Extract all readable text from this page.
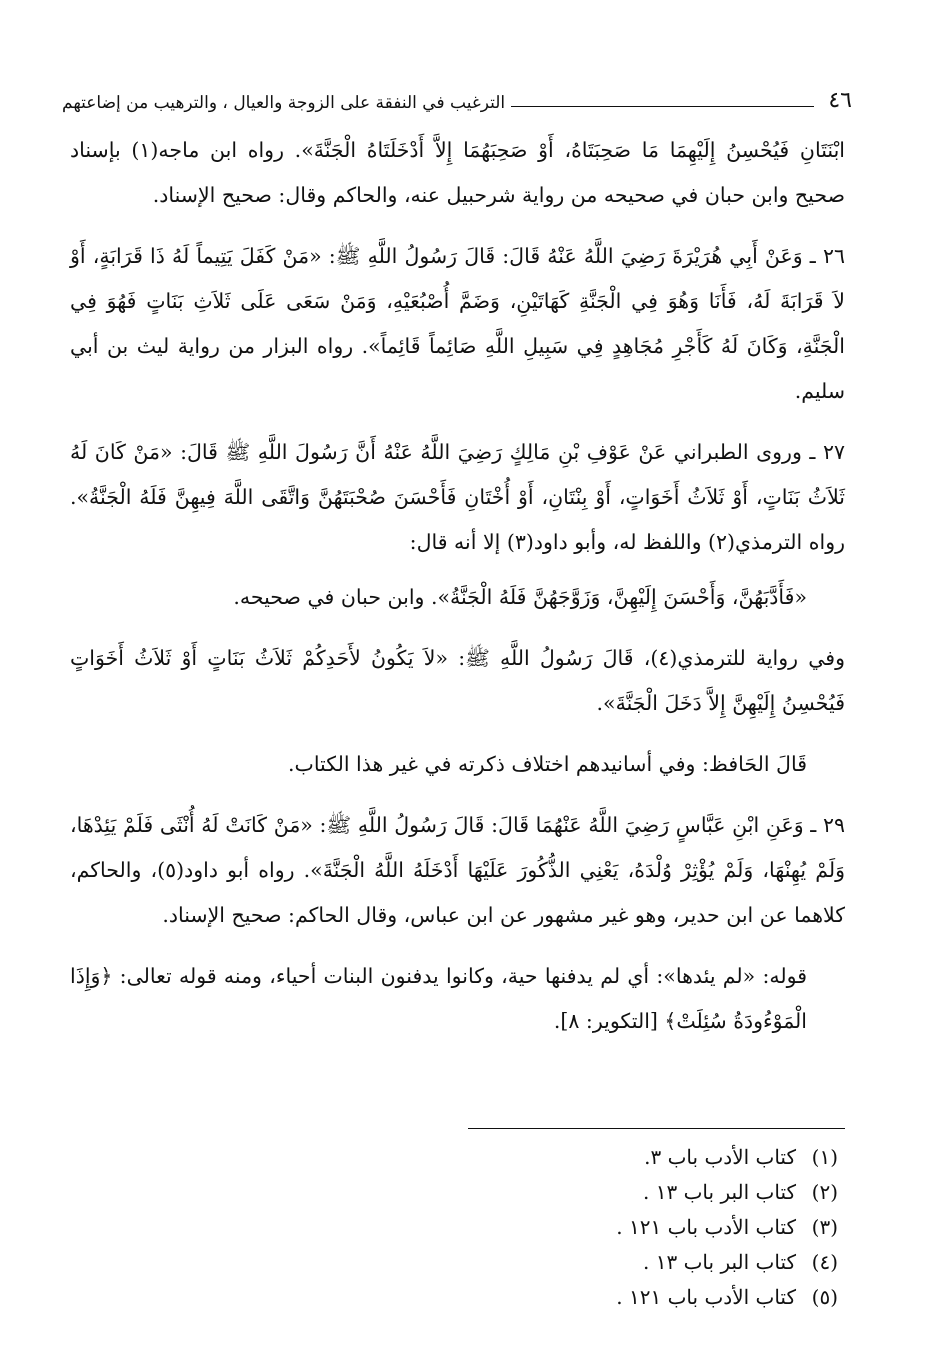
٤٦
الترغيب في النفقة على الزوجة والعيال ، والترهيب من إضاعتهم

ابْنَتَانِ فَيُحْسِنُ إِلَيْهِمَا مَا صَحِبَتَاهُ، أَوْ صَحِبَهُمَا إِلاَّ أَدْخَلَتَاهُ الْجَنَّةَ». رواه ابن ماجه(١) بإسناد صحيح وابن حبان في صحيحه من رواية شرحبيل عنه، والحاكم وقال: صحيح الإسناد.

٢٦ ـ وَعَنْ أَبِي هُرَيْرَةَ رَضِيَ اللَّهُ عَنْهُ قَالَ: قَالَ رَسُولُ اللَّهِ ﷺ: «مَنْ كَفَلَ يَتِيماً لَهُ ذَا قَرَابَةٍ، أَوْ لاَ قَرَابَةَ لَهُ، فَأَنَا وَهُوَ فِي الْجَنَّةِ كَهَاتَيْنِ، وَضَمَّ أُصْبُعَيْهِ، وَمَنْ سَعَى عَلَى ثَلاَثِ بَنَاتٍ فَهُوَ فِي الْجَنَّةِ، وَكَانَ لَهُ كَأَجْرِ مُجَاهِدٍ فِي سَبِيلِ اللَّهِ صَائِماً قَائِماً». رواه البزار من رواية ليث بن أبي سليم.

٢٧ ـ وروى الطبراني عَنْ عَوْفِ بْنِ مَالِكٍ رَضِيَ اللَّهُ عَنْهُ أَنَّ رَسُولَ اللَّهِ ﷺ قَالَ: «مَنْ كَانَ لَهُ ثَلاَثُ بَنَاتٍ، أَوْ ثَلاَثُ أَخَوَاتٍ، أَوْ بِنْتَانِ، أَوْ أُخْتَانِ فَأَحْسَنَ صُحْبَتَهُنَّ وَاتَّقَى اللَّهَ فِيهِنَّ فَلَهُ الْجَنَّةُ». رواه الترمذي(٢) واللفظ له، وأبو داود(٣) إلا أنه قال:

«فَأَدَّبَهُنَّ، وَأَحْسَنَ إِلَيْهِنَّ، وَزَوَّجَهُنَّ فَلَهُ الْجَنَّةُ». وابن حبان في صحيحه.

وفي رواية للترمذي(٤)، قَالَ رَسُولُ اللَّهِ ﷺ: «لاَ يَكُونُ لأَحَدِكُمْ ثَلاَثُ بَنَاتٍ أَوْ ثَلاَثُ أَخَوَاتٍ فَيُحْسِنُ إِلَيْهِنَّ إِلاَّ دَخَلَ الْجَنَّةَ».

قَالَ الحَافظ: وفي أسانيدهم اختلاف ذكرته في غير هذا الكتاب.

٢٩ ـ وَعَنِ ابْنِ عَبَّاسٍ رَضِيَ اللَّهُ عَنْهُمَا قَالَ: قَالَ رَسُولُ اللَّهِ ﷺ: «مَنْ كَانَتْ لَهُ أُنْثَى فَلَمْ يَئِدْهَا، وَلَمْ يُهِنْهَا، وَلَمْ يُؤْثِرْ وُلْدَهُ، يَعْنِي الذُّكُورَ عَلَيْهَا أَدْخَلَهُ اللَّهُ الْجَنَّةَ». رواه أبو داود(٥)، والحاكم، كلاهما عن ابن حدير، وهو غير مشهور عن ابن عباس، وقال الحاكم: صحيح الإسناد.

قوله: «لم يئدها»: أي لم يدفنها حية، وكانوا يدفنون البنات أحياء، ومنه قوله تعالى: ﴿وَإِذَا الْمَوْءُودَةُ سُئِلَتْ﴾ [التكوير: ٨].

(١)كتاب الأدب باب ٣.
(٢)كتاب البر باب ١٣ .
(٣)كتاب الأدب باب ١٢١ .
(٤)كتاب البر باب ١٣ .
(٥)كتاب الأدب باب ١٢١ .
